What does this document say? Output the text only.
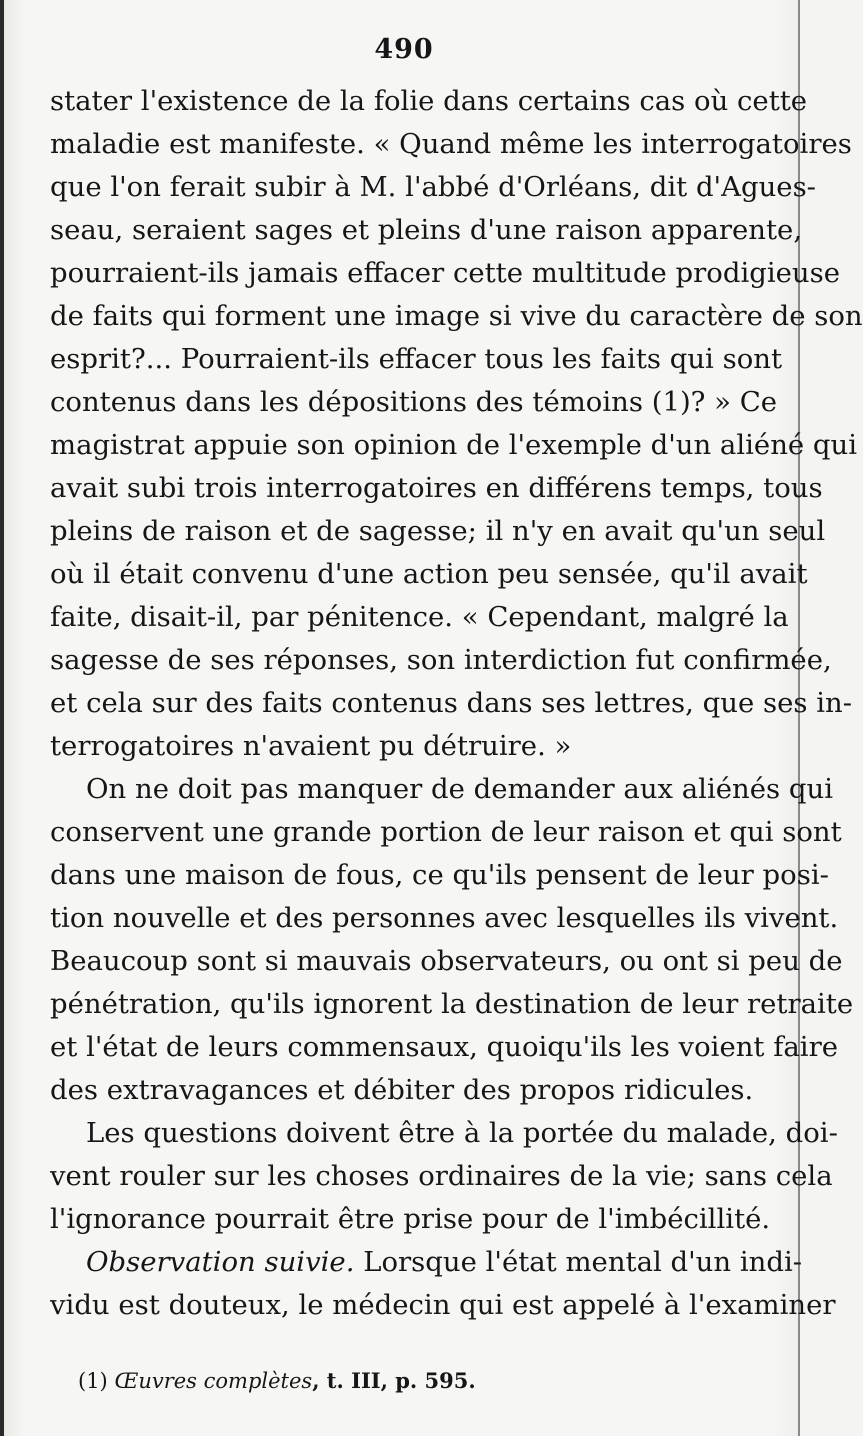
490
stater l'existence de la folie dans certains cas où cette
maladie est manifeste. « Quand même les interrogatoires
que l'on ferait subir à M. l'abbé d'Orléans, dit d'Agues-
seau, seraient sages et pleins d'une raison apparente,
pourraient-ils jamais effacer cette multitude prodigieuse
de faits qui forment une image si vive du caractère de son
esprit?... Pourraient-ils effacer tous les faits qui sont
contenus dans les dépositions des témoins (1)? » Ce
magistrat appuie son opinion de l'exemple d'un aliéné qui
avait subi trois interrogatoires en différens temps, tous
pleins de raison et de sagesse; il n'y en avait qu'un seul
où il était convenu d'une action peu sensée, qu'il avait
faite, disait-il, par pénitence. « Cependant, malgré la
sagesse de ses réponses, son interdiction fut confirmée,
et cela sur des faits contenus dans ses lettres, que ses in-
terrogatoires n'avaient pu détruire. »
On ne doit pas manquer de demander aux aliénés qui
conservent une grande portion de leur raison et qui sont
dans une maison de fous, ce qu'ils pensent de leur posi-
tion nouvelle et des personnes avec lesquelles ils vivent.
Beaucoup sont si mauvais observateurs, ou ont si peu de
pénétration, qu'ils ignorent la destination de leur retraite
et l'état de leurs commensaux, quoiqu'ils les voient faire
des extravagances et débiter des propos ridicules.
Les questions doivent être à la portée du malade, doi-
vent rouler sur les choses ordinaires de la vie; sans cela
l'ignorance pourrait être prise pour de l'imbécillité.
Observation suivie. Lorsque l'état mental d'un indi-
vidu est douteux, le médecin qui est appelé à l'examiner
(1) Œuvres complètes, t. III, p. 595.
